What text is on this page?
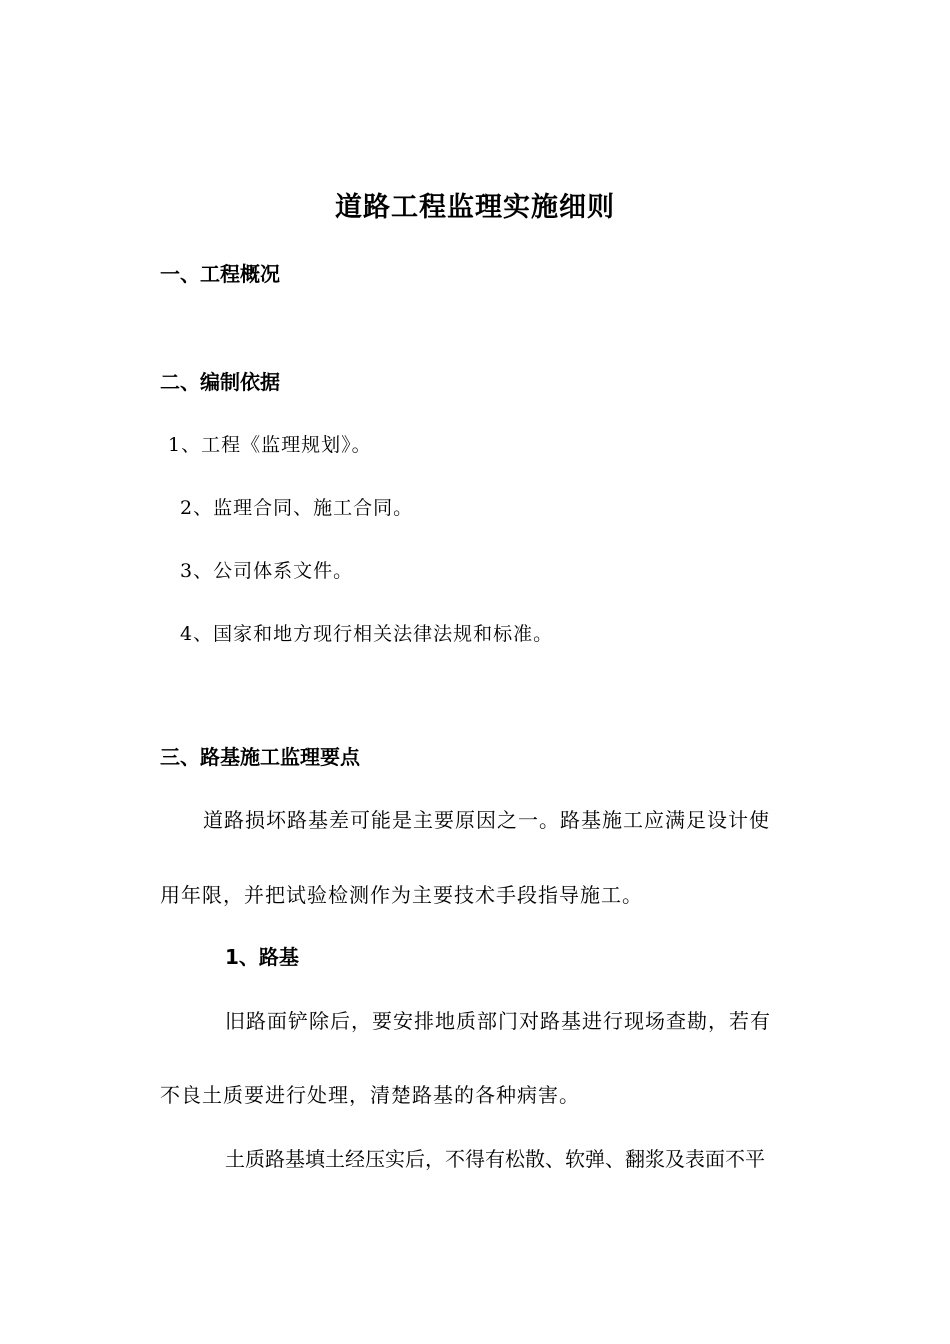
道路工程监理实施细则
一、工程概况
二、编制依据
1、工程《监理规划》。
2、监理合同、施工合同。
3、公司体系文件。
4、国家和地方现行相关法律法规和标准。
三、路基施工监理要点
道路损坏路基差可能是主要原因之一。路基施工应满足设计使
用年限，并把试验检测作为主要技术手段指导施工。
1、路基
旧路面铲除后，要安排地质部门对路基进行现场查勘，若有
不良土质要进行处理，清楚路基的各种病害。
土质路基填土经压实后，不得有松散、软弹、翻浆及表面不平
